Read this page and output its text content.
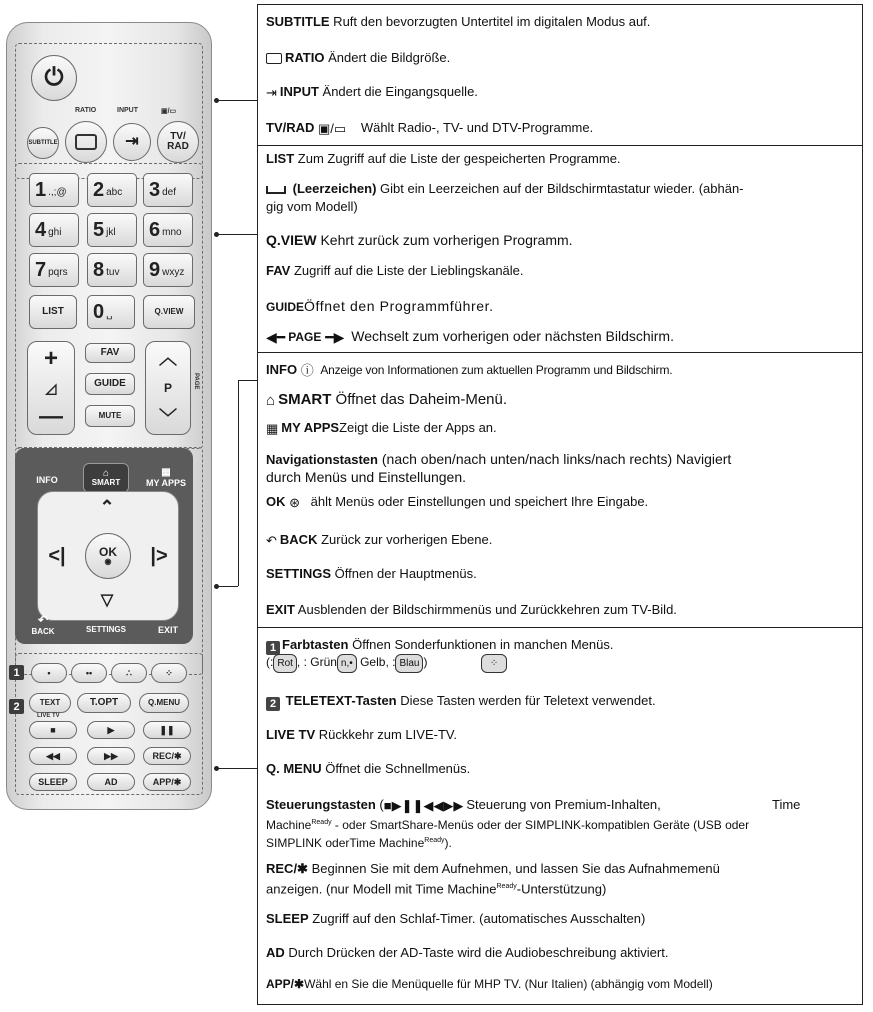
⏻
RATIO	INPUT	▣/▭
SUBTITLE	⇥	TV/
RAD
LIST	0 ␣	Q.VIEW
+
◿
—
FAV
GUIDE
MUTE
︿
P
﹀
PAGE
INFO
⌂
SMART
▦
MY APPS
⌃
▽
<|	|>
OK
◉
↶
BACK	SETTINGS	EXIT
1	•	••	∴	⁘
2	TEXT
LIVE TV
T.OPT	Q.MENU
■	▶	❚❚
◀◀	▶▶	REC/✱
SLEEP	AD	APP/✱
1 .,;@ 2 abc 3 def
4 ghi 5 jkl 6 mno
7 pqrs 8 tuv 9 wxyz
SUBTITLE Ruft den bevorzugten Untertitel im digitalen Modus auf.
RATIO Ändert die Bildgröße.
⇥ INPUT Ändert die Eingangsquelle.
TV/RAD ▣/▭ Wählt Radio-, TV- und DTV-Programme.
LIST Zum Zugriff auf die Liste der gespeicherten Programme.
(Leerzeichen) Gibt ein Leerzeichen auf der Bildschirmtastatur wieder. (abhän-
gig vom Modell)
Q.VIEW Kehrt zurück zum vorherigen Programm.
FAV Zugriff auf die Liste der Lieblingskanäle.
GUIDEÖffnet den Programmführer.
◀━ PAGE ━▶ Wechselt zum vorherigen oder nächsten Bildschirm.
INFO ⓘ Anzeige von Informationen zum aktuellen Programm und Bildschirm.
⌂ SMART Öffnet das Daheim-Menü.
▦ MY APPSZeigt die Liste der Apps an.
Navigationstasten (nach oben/nach unten/nach links/nach rechts) Navigiert
durch Menüs und Einstellungen.
OK ⊛ ählt Menüs oder Einstellungen und speichert Ihre Eingabe.
↶ BACK Zurück zur vorherigen Ebene.
SETTINGS Öffnen der Hauptmenüs.
EXIT Ausblenden der Bildschirmmenüs und Zurückkehren zum TV-Bild.
1 Farbtasten Öffnen Sonderfunktionen in manchen Menüs.
(: Rot , : Grün n,• Gelb, : Blau )	⁘
2 TELETEXT-Tasten Diese Tasten werden für Teletext verwendet.
LIVE TV Rückkehr zum LIVE-TV.
Q. MENU Öffnet die Schnellmenüs.
Steuerungstasten (■▶❚❚◀◀▶▶ Steuerung von Premium-Inhalten,	Time
Machine$^{Ready}$ - oder SmartShare-Menüs oder der SIMPLINK-kompatiblen Geräte (USB oder
SIMPLINK oderTime Machine$^{Ready}$).
REC/✱ Beginnen Sie mit dem Aufnehmen, und lassen Sie das Aufnahmemenü
anzeigen. (nur Modell mit Time Machine$^{Ready}$-Unterstützung)
SLEEP Zugriff auf den Schlaf-Timer. (automatisches Ausschalten)
AD Durch Drücken der AD-Taste wird die Audiobeschreibung aktiviert.
APP/✱Wähl en Sie die Menüquelle für MHP TV. (Nur Italien) (abhängig vom Modell)
